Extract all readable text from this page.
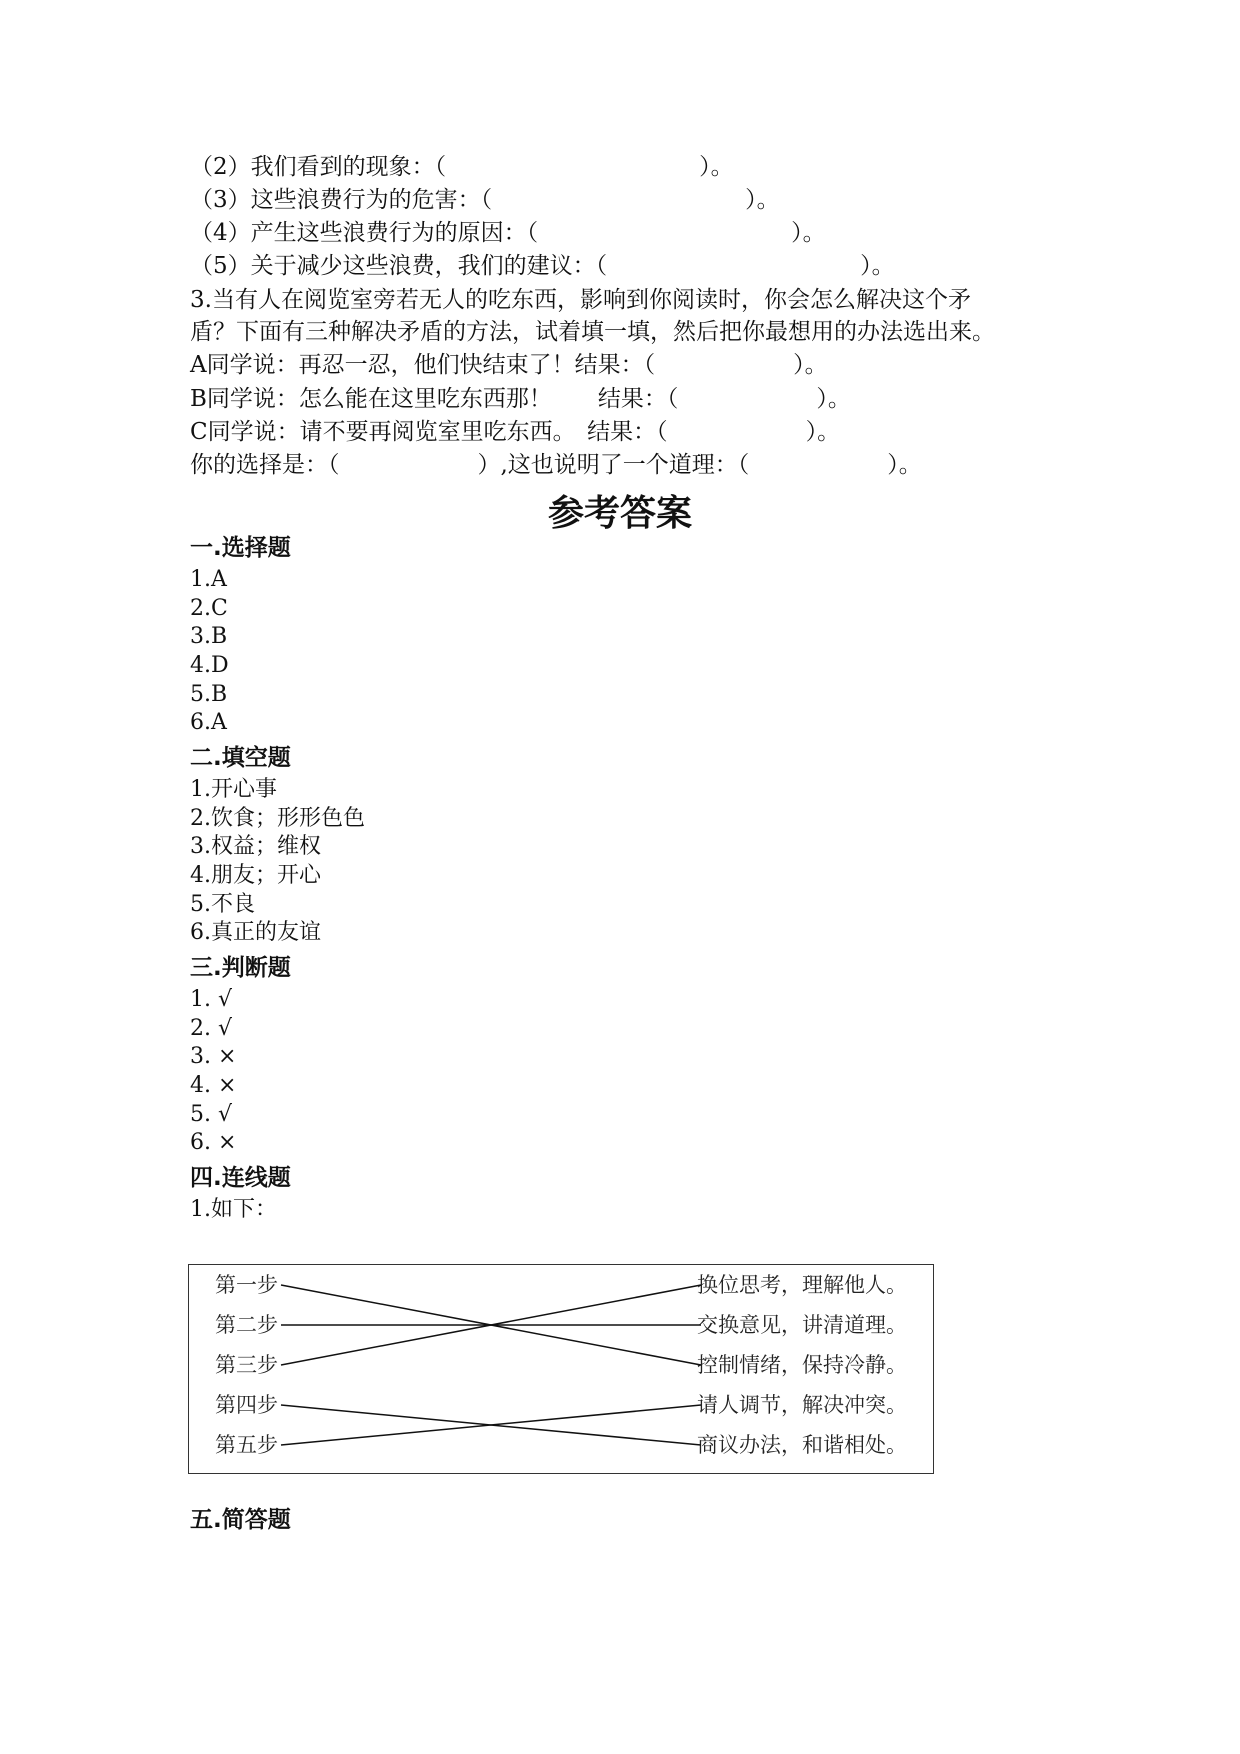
（2）我们看到的现象：（　　　　　　　　　　　）。
（3）这些浪费行为的危害：（　　　　　　　　　　　）。
（4）产生这些浪费行为的原因：（　　　　　　　　　　　）。
（5）关于减少这些浪费，我们的建议：（　　　　　　　　　　　）。
3.当有人在阅览室旁若无人的吃东西，影响到你阅读时，你会怎么解决这个矛
盾？下面有三种解决矛盾的方法，试着填一填，然后把你最想用的办法选出来。
A同学说：再忍一忍，他们快结束了！结果：（　　　　　　）。
B同学说：怎么能在这里吃东西那！　　结果：（　　　　　　）。
C同学说：请不要再阅览室里吃东西。　结果：（　　　　　　）。
你的选择是：（　　　　　　）,这也说明了一个道理：（　　　　　　）。
参考答案
一.选择题
1.A
2.C
3.B
4.D
5.B
6.A
二.填空题
1.开心事
2.饮食；形形色色
3.权益；维权
4.朋友；开心
5.不良
6.真正的友谊
三.判断题
1. √
2. √
3. ×
4. ×
5. √
6. ×
四.连线题
1.如下：
第一步
第二步
第三步
第四步
第五步
换位思考，理解他人。
交换意见，讲清道理。
控制情绪，保持冷静。
请人调节，解决冲突。
商议办法，和谐相处。
五.简答题
